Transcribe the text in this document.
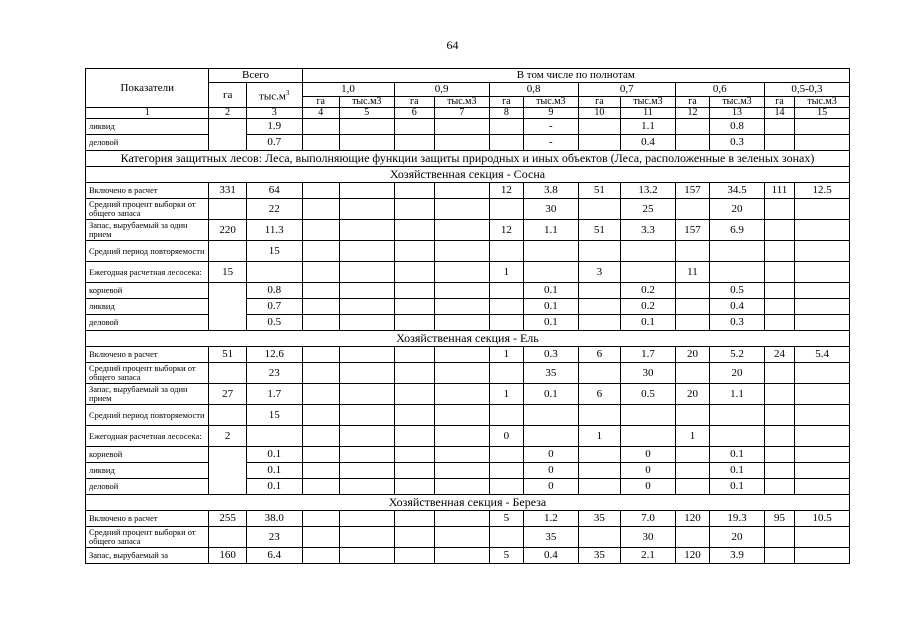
64
Показатели	Всего		В том числе по полнотам											
	га	$тыс.м^3$	1,0		0,9		0,8		0,7		0,6		0,5-0,3	
			га	тыс.м3	га	тыс.м3	га	тыс.м3	га	тыс.м3	га	тыс.м3	га	тыс.м3
1	2	3	4	5	6	7	8	9	10	11	12	13	14	15
ликвид		1.9						-		1.1		0.8		
деловой		0.7						-		0.4		0.3		
Категория защитных лесов: Леса, выполняющие функции защиты природных и иных объектов (Леса, расположенные в зеленых зонах)														
Хозяйственная секция - Сосна														
Включено в расчет	331	64					12	3.8	51	13.2	157	34.5	111	12.5
Средний процент выборки от общего запаса		22						30		25		20		
Запас, вырубаемый за один прием	220	11.3					12	1.1	51	3.3	157	6.9		
Средний период повторяемости		15												
Ежегодная расчетная лесосека:	15						1		3		11			
корневой		0.8						0.1		0.2		0.5		
ликвид		0.7						0.1		0.2		0.4		
деловой		0.5						0.1		0.1		0.3		
Хозяйственная секция - Ель														
Включено в расчет	51	12.6					1	0.3	6	1.7	20	5.2	24	5.4
Средний процент выборки от общего запаса		23						35		30		20		
Запас, вырубаемый за один прием	27	1.7					1	0.1	6	0.5	20	1.1		
Средний период повторяемости		15												
Ежегодная расчетная лесосека:	2						0		1		1			
корневой		0.1						0		0		0.1		
ликвид		0.1						0		0		0.1		
деловой		0.1						0		0		0.1		
Хозяйственная секция - Береза														
Включено в расчет	255	38.0					5	1.2	35	7.0	120	19.3	95	10.5
Средний процент выборки от общего запаса		23						35		30		20		
Запас, вырубаемый за	160	6.4					5	0.4	35	2.1	120	3.9		
